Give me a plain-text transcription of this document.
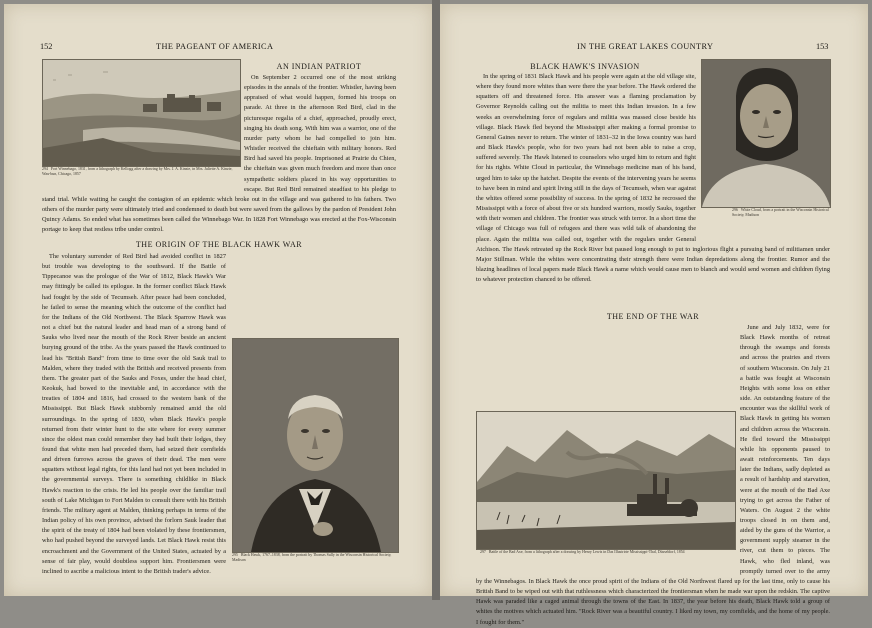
152	THE PAGEANT OF AMERICA
294 Fort Winnebago, 1831, from a lithograph by Kellogg after a drawing by Mrs. J. A. Kinzie, in Mrs. Juliette A. Kinzie, Wau-bun, Chicago, 1857
AN INDIAN PATRIOT

On September 2 occurred one of the most striking episodes in the annals of the frontier. Whistler, having been appraised of what would happen, formed his troops on parade. At three in the afternoon Red Bird, clad in the picturesque regalia of a chief, approached, proudly erect, singing his death song. With him was a warrior, one of the murder party whom he had compelled to join him. Whistler received the chieftain with military honors. Red Bird had saved his people. Imprisoned at Prairie du Chien, the chieftain was given much freedom and more than once sympathetic soldiers placed in his way opportunities to escape. But Red Bird remained steadfast to his pledge to stand trial. While waiting he caught the contagion of an epidemic which broke out in the village and was gathered to his fathers. Two others of the murder party were ultimately tried and condemned to death but were saved from the gallows by the pardon of President John Quincy Adams. So ended what has sometimes been called the Winnebago War. In 1828 Fort Winnebago was erected at the Fox-Wisconsin portage to keep that restless tribe under control.

THE ORIGIN OF THE BLACK HAWK WAR

The voluntary surrender of Red Bird had avoided conflict in 1827 but trouble was developing to the southward. If the Battle of Tippecanoe was the prologue of the War of 1812, Black Hawk's War may fittingly be called its epilogue. In the former conflict Black Hawk had fought by the side of Tecumseh. After peace had been concluded, he failed to sense the meaning which the outcome of the conflict had for the Indians of the Old Northwest. The Black Sparrow Hawk was not a chief but the natural leader and head man of a strong band of Sauks who lived near the mouth of the Rock River beside an ancient burying ground of the tribe. As the years passed the Hawk continued to lead his "British Band" from time to time over the old Sauk trail to Malden, where they traded with the British and received presents from them. The greater part of the Sauks and Foxes, under the head chief, Keokuk, had bowed to the inevitable and, in accordance with the treaties of 1804 and 1816, had crossed to the western bank of the Mississippi. But Black Hawk stubbornly remained amid the old surroundings. In the spring of 1830, when Black Hawk's people returned from their winter hunt to the site where for every summer since the oldest man could remember they had built their lodges, they found that white men had preceded them, had seized their cornfields and driven furrows across the graves of their dead. The men were squatters without legal rights, for this land had not yet been included in the governmental surveys. There is something childlike in Black Hawk's reaction to the crisis. He led his people over the familiar trail south of Lake Michigan to Fort Malden to consult there with his British friends. The military agent at Malden, thinking perhaps in terms of the Indian policy of his own province, advised the forlorn Sauk leader that the spirit of the treaty of 1804 had been violated by these frontiersmen, who had pushed beyond the surveyed lands. Let Black Hawk resist this encroachment and the Government of the United States, actuated by a sense of fair play, would doubtless support him. Frontiersmen were inclined to ascribe a malicious intent to the British trader's advice.

295 Black Hawk, 1767–1838, from the portrait by Thomas Sully in the Wisconsin Historical Society, Madison
IN THE GREAT LAKES COUNTRY	153
BLACK HAWK'S INVASION
296 White Cloud, from a portrait in the Wisconsin Historical Society, Madison

In the spring of 1831 Black Hawk and his people were again at the old village site, where they found more whites than were there the year before. The Hawk ordered the squatters off and threatened force. His answer was a flaming proclamation by Governor Reynolds calling out the militia to meet this Indian invasion. In a few weeks an overwhelming force of regulars and militia was massed close beside his village. Black Hawk fled beyond the Mississippi after making a formal promise to General Gaines never to return. The winter of 1831–32 in the Iowa country was hard and Black Hawk's people, who for two years had not been able to raise a crop, suffered severely. The Hawk listened to counselors who urged him to return and fight for his rights. White Cloud in particular, the Winnebago medicine man of his band, urged him to take up the hatchet. Despite the events of the intervening years he seems to have been in mind and spirit living still in the days of Tecumseh, when war against the whites offered some possibility of success. In the spring of 1832 he recrossed the Mississippi with a force of about five or six hundred warriors, mostly Sauks, together with their women and children. The frontier was struck with terror. In a short time the village of Chicago was full of refugees and there was wild talk of abandoning the place. Again the militia was called out, together with the regulars under General Atchison. The Hawk retreated up the Rock River but paused long enough to put to inglorious flight a pursuing band of militiamen under Major Stillman. While the whites were concentrating their strength there were Indian depredations along the frontier. Rumor and the blazing headlines of local papers made Black Hawk a name which would cause men to blanch and would send women and children flying to whatever protection chanced to be offered.

THE END OF THE WAR

June and July 1832, were for Black Hawk months of retreat through the swamps and forests and across the prairies and rivers of southern Wisconsin. On July 21 a battle was fought at Wisconsin Heights with some loss on either side. An outstanding feature of the encounter was the skillful work of Black Hawk in getting his women and children across the Wisconsin. He fled toward the Mississippi while his opponents paused to await reinforcements. Ten days later the Indians, sadly depleted as a result of hardship and starvation, were at the mouth of the Bad Axe trying to get across the Father of Waters. On August 2 the white troops closed in on them and, aided by the guns of the Warrior, a government supply steamer in the river, cut them to pieces. The Hawk, who fled inland, was promptly turned over to the army by the Winnebagos. In Black Hawk the once proud spirit of the Indians of the Old Northwest flared up for the last time, only to cause his British Band to be wiped out with that ruthlessness which characterized the frontiersman when he made war upon the redskin. The captive Hawk was paraded like a caged animal through the towns of the East. In 1837, the year before his death, Black Hawk told a group of whites the motives which actuated him. "Rock River was a beautiful country. I liked my town, my cornfields, and the home of my people. I fought for them."

297 Battle of the Bad Axe, from a lithograph after a drawing by Henry Lewis in Das Illustrirte Mississippi-Thal, Düsseldorf, 1854
